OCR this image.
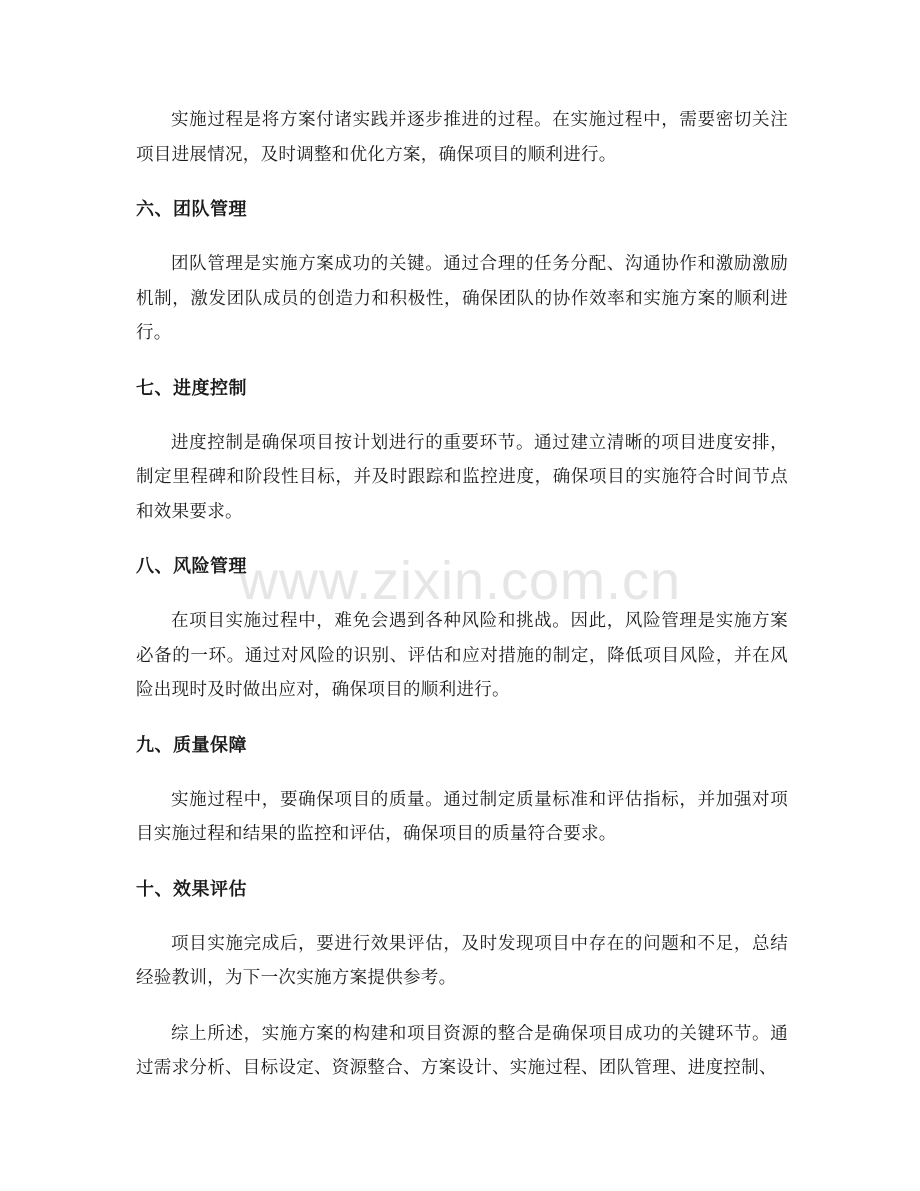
www.zixin.com.cn

实施过程是将方案付诸实践并逐步推进的过程。在实施过程中，需要密切关注项目进展情况，及时调整和优化方案，确保项目的顺利进行。

六、团队管理

团队管理是实施方案成功的关键。通过合理的任务分配、沟通协作和激励激励机制，激发团队成员的创造力和积极性，确保团队的协作效率和实施方案的顺利进行。

七、进度控制

进度控制是确保项目按计划进行的重要环节。通过建立清晰的项目进度安排，制定里程碑和阶段性目标，并及时跟踪和监控进度，确保项目的实施符合时间节点和效果要求。

八、风险管理

在项目实施过程中，难免会遇到各种风险和挑战。因此，风险管理是实施方案必备的一环。通过对风险的识别、评估和应对措施的制定，降低项目风险，并在风险出现时及时做出应对，确保项目的顺利进行。

九、质量保障

实施过程中，要确保项目的质量。通过制定质量标准和评估指标，并加强对项目实施过程和结果的监控和评估，确保项目的质量符合要求。

十、效果评估

项目实施完成后，要进行效果评估，及时发现项目中存在的问题和不足，总结经验教训，为下一次实施方案提供参考。

综上所述，实施方案的构建和项目资源的整合是确保项目成功的关键环节。通过需求分析、目标设定、资源整合、方案设计、实施过程、团队管理、进度控制、
